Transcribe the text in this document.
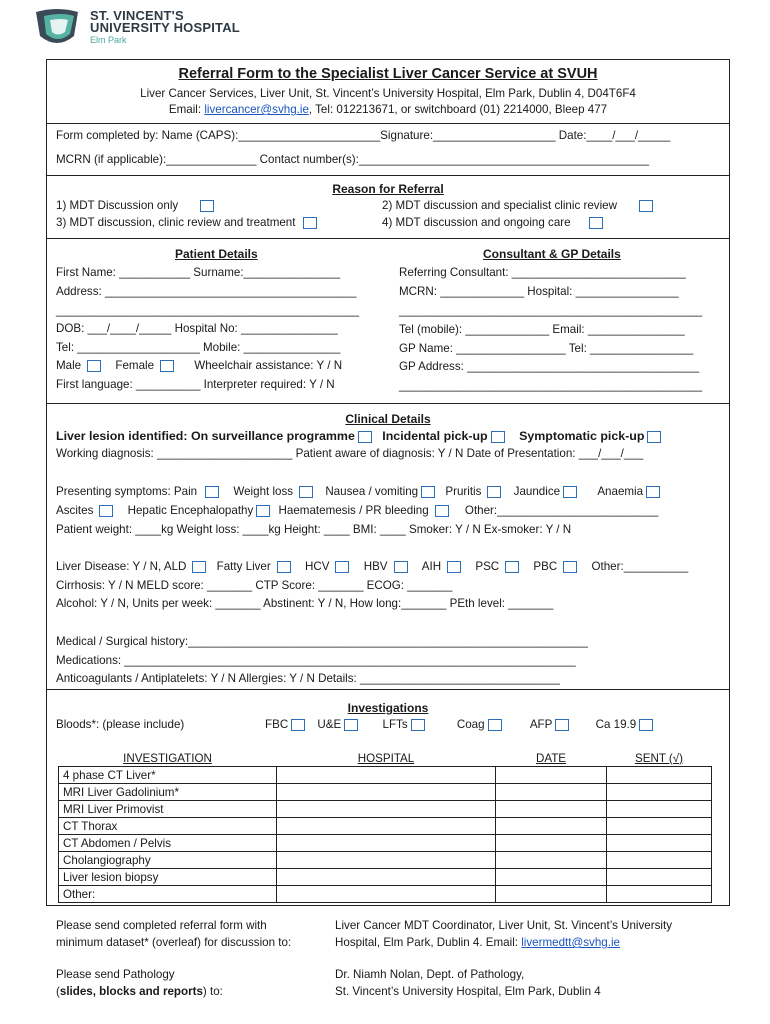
ST. VINCENT'S
UNIVERSITY HOSPITAL
Elm Park
Referral Form to the Specialist Liver Cancer Service at SVUH
Liver Cancer Services, Liver Unit, St. Vincent’s University Hospital, Elm Park, Dublin 4, D04T6F4
Email: livercancer@svhg.ie, Tel: 012213671, or switchboard (01) 2214000, Bleep 477
Form completed by: Name (CAPS):______________________Signature:___________________ Date:____/___/_____
MCRN (if applicable):______________ Contact number(s):_____________________________________________
Reason for Referral
1) MDT Discussion only	2) MDT discussion and specialist clinic review
3) MDT discussion, clinic review and treatment	4) MDT discussion and ongoing care
Patient Details
First Name: ___________ Surname:_______________
Address: _______________________________________
_______________________________________________
DOB: ___/____/_____ Hospital No: _______________
Tel: ___________________ Mobile: _______________
Male	Female	Wheelchair assistance: Y / N
First language: __________ Interpreter required: Y / N
Consultant & GP Details
Referring Consultant: ___________________________
MCRN: _____________ Hospital: ________________
_______________________________________________
Tel (mobile): _____________ Email: _______________
GP Name: _________________ Tel: ________________
GP Address: ____________________________________
_______________________________________________
Clinical Details
Liver lesion identified: On surveillance programme Incidental pick-up	Symptomatic pick-up
Working diagnosis: _____________________ Patient aware of diagnosis: Y / N Date of Presentation: ___/___/___
Presenting symptoms: Pain	Weight loss	Nausea / vomiting Pruritis	Jaundice	Anaemia
Ascites	Hepatic Encephalopathy Haematemesis / PR bleeding	Other:_________________________
Patient weight: ____kg Weight loss: ____kg Height: ____ BMI: ____ Smoker: Y / N Ex-smoker: Y / N
Liver Disease: Y / N, ALD	Fatty Liver	HCV	HBV	AIH	PSC	PBC	Other:__________
Cirrhosis: Y / N MELD score: _______ CTP Score: _______ ECOG: _______
Alcohol: Y / N, Units per week: _______ Abstinent: Y / N, How long:_______ PEth level: _______
Medical / Surgical history:______________________________________________________________
Medications: ______________________________________________________________________
Anticoagulants / Antiplatelets: Y / N Allergies: Y / N Details: _______________________________
Investigations
Bloods*: (please include)	FBC	U&E	LFTs	Coag	AFP	Ca 19.9
INVESTIGATION	HOSPITAL	DATE	SENT (√)
4 phase CT Liver*			
MRI Liver Gadolinium*			
MRI Liver Primovist			
CT Thorax			
CT Abdomen / Pelvis			
Cholangiography			
Liver lesion biopsy			
Other:			
Please send completed referral form with
minimum dataset* (overleaf) for discussion to:
Liver Cancer MDT Coordinator, Liver Unit, St. Vincent’s University
Hospital, Elm Park, Dublin 4. Email: livermedtt@svhg.ie
Please send Pathology
(slides, blocks and reports) to:
Dr. Niamh Nolan, Dept. of Pathology,
St. Vincent’s University Hospital, Elm Park, Dublin 4
